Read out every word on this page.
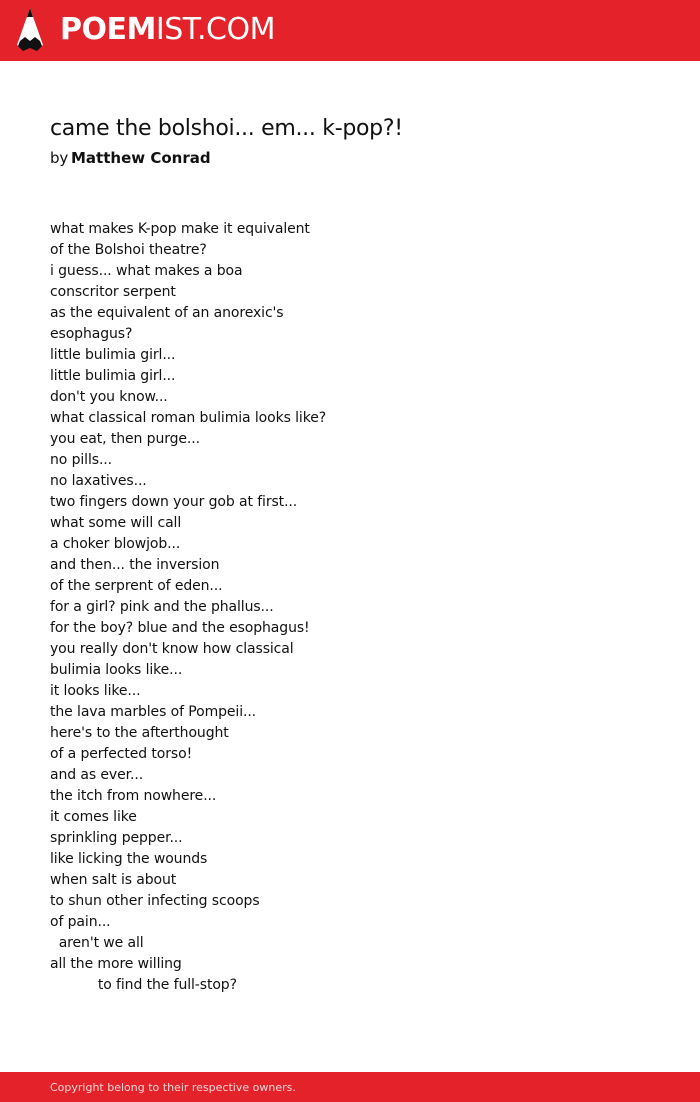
POEMIST.COM
came the bolshoi... em... k-pop?!
by Matthew Conrad
what makes K-pop make it equivalent
of the Bolshoi theatre?
i guess... what makes a boa
conscritor serpent
as the equivalent of an anorexic's
esophagus?
little bulimia girl...
little bulimia girl...
don't you know...
what classical roman bulimia looks like?
you eat, then purge...
no pills...
no laxatives...
two fingers down your gob at first...
what some will call
a choker blowjob...
and then... the inversion
of the serprent of eden...
for a girl? pink and the phallus...
for the boy? blue and the esophagus!
you really don't know how classical
bulimia looks like...
it looks like...
the lava marbles of Pompeii...
here's to the afterthought
of a perfected torso!
and as ever...
the itch from nowhere...
it comes like
sprinkling pepper...
like licking the wounds
when salt is about
to shun other infecting scoops
of pain...
aren't we all
all the more willing
to find the full-stop?
Copyright belong to their respective owners.
